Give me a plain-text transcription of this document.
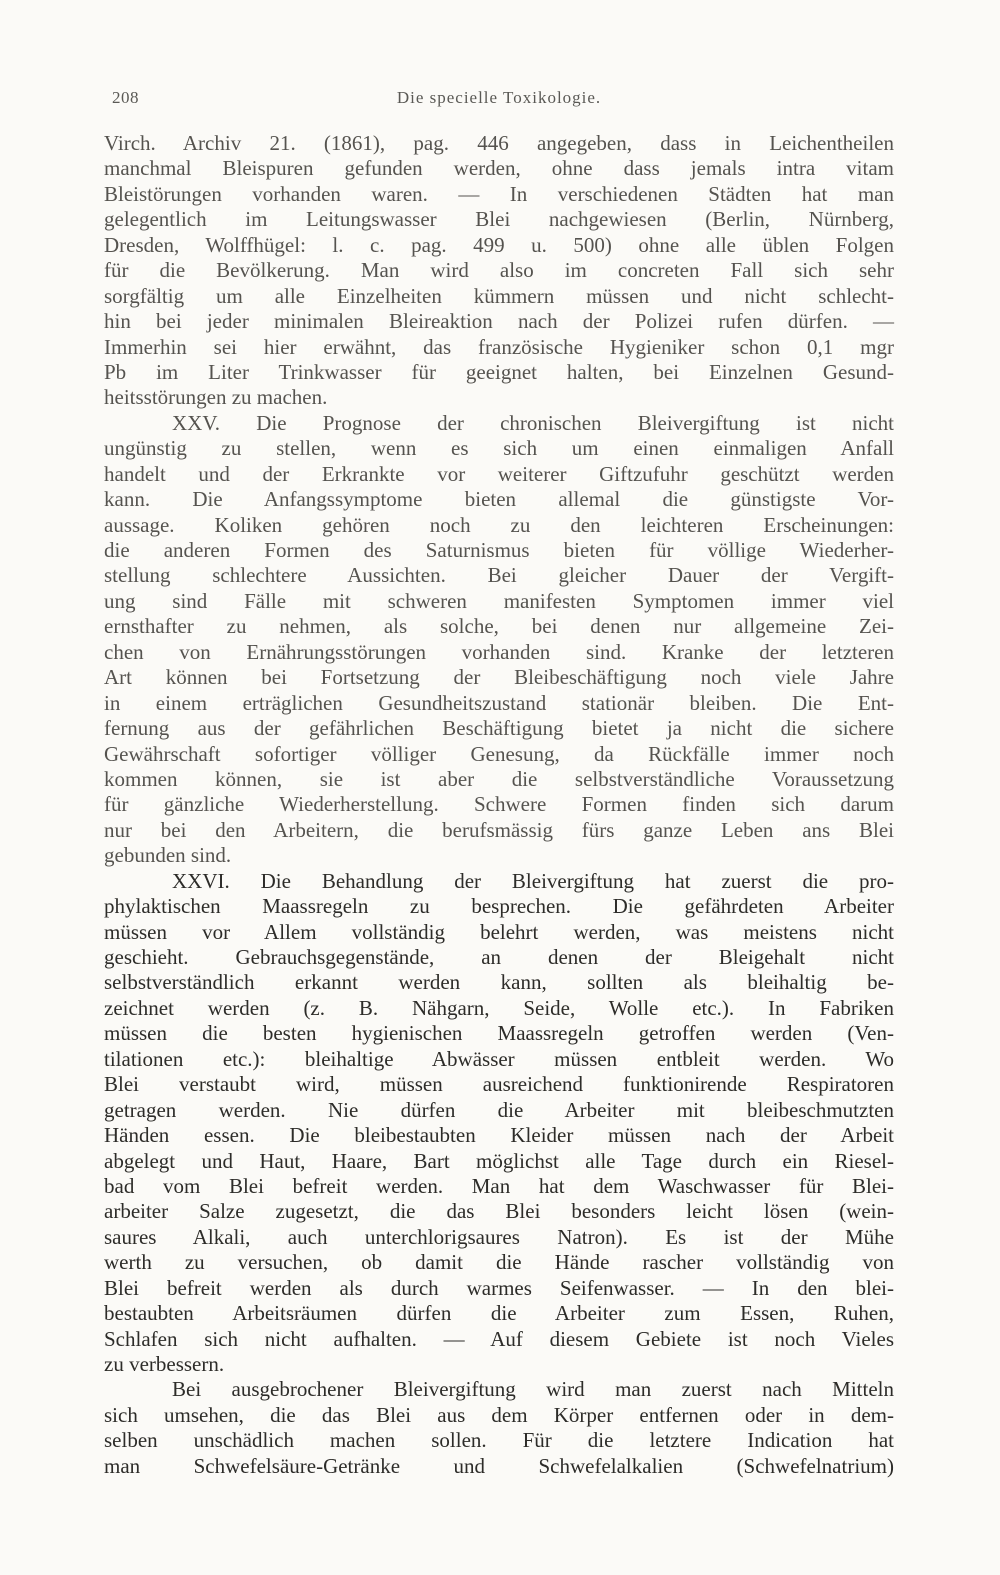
208	Die specielle Toxikologie.
Virch. Archiv 21. (1861), pag. 446 angegeben, dass in Leichentheilen
manchmal Bleispuren gefunden werden, ohne dass jemals intra vitam
Bleistörungen vorhanden waren. — In verschiedenen Städten hat man
gelegentlich im Leitungswasser Blei nachgewiesen (Berlin, Nürnberg,
Dresden, Wolffhügel: l. c. pag. 499 u. 500) ohne alle üblen Folgen
für die Bevölkerung. Man wird also im concreten Fall sich sehr
sorgfältig um alle Einzelheiten kümmern müssen und nicht schlecht-
hin bei jeder minimalen Bleireaktion nach der Polizei rufen dürfen. —
Immerhin sei hier erwähnt, das französische Hygieniker schon 0,1 mgr
Pb im Liter Trinkwasser für geeignet halten, bei Einzelnen Gesund-
heitsstörungen zu machen.
XXV. Die Prognose der chronischen Bleivergiftung ist nicht
ungünstig zu stellen, wenn es sich um einen einmaligen Anfall
handelt und der Erkrankte vor weiterer Giftzufuhr geschützt werden
kann. Die Anfangssymptome bieten allemal die günstigste Vor-
aussage. Koliken gehören noch zu den leichteren Erscheinungen:
die anderen Formen des Saturnismus bieten für völlige Wiederher-
stellung schlechtere Aussichten. Bei gleicher Dauer der Vergift-
ung sind Fälle mit schweren manifesten Symptomen immer viel
ernsthafter zu nehmen, als solche, bei denen nur allgemeine Zei-
chen von Ernährungsstörungen vorhanden sind. Kranke der letzteren
Art können bei Fortsetzung der Bleibeschäftigung noch viele Jahre
in einem erträglichen Gesundheitszustand stationär bleiben. Die Ent-
fernung aus der gefährlichen Beschäftigung bietet ja nicht die sichere
Gewährschaft sofortiger völliger Genesung, da Rückfälle immer noch
kommen können, sie ist aber die selbstverständliche Voraussetzung
für gänzliche Wiederherstellung. Schwere Formen finden sich darum
nur bei den Arbeitern, die berufsmässig fürs ganze Leben ans Blei
gebunden sind.
XXVI. Die Behandlung der Bleivergiftung hat zuerst die pro-
phylaktischen Maassregeln zu besprechen. Die gefährdeten Arbeiter
müssen vor Allem vollständig belehrt werden, was meistens nicht
geschieht. Gebrauchsgegenstände, an denen der Bleigehalt nicht
selbstverständlich erkannt werden kann, sollten als bleihaltig be-
zeichnet werden (z. B. Nähgarn, Seide, Wolle etc.). In Fabriken
müssen die besten hygienischen Maassregeln getroffen werden (Ven-
tilationen etc.): bleihaltige Abwässer müssen entbleit werden. Wo
Blei verstaubt wird, müssen ausreichend funktionirende Respiratoren
getragen werden. Nie dürfen die Arbeiter mit bleibeschmutzten
Händen essen. Die bleibestaubten Kleider müssen nach der Arbeit
abgelegt und Haut, Haare, Bart möglichst alle Tage durch ein Riesel-
bad vom Blei befreit werden. Man hat dem Waschwasser für Blei-
arbeiter Salze zugesetzt, die das Blei besonders leicht lösen (wein-
saures Alkali, auch unterchlorigsaures Natron). Es ist der Mühe
werth zu versuchen, ob damit die Hände rascher vollständig von
Blei befreit werden als durch warmes Seifenwasser. — In den blei-
bestaubten Arbeitsräumen dürfen die Arbeiter zum Essen, Ruhen,
Schlafen sich nicht aufhalten. — Auf diesem Gebiete ist noch Vieles
zu verbessern.
Bei ausgebrochener Bleivergiftung wird man zuerst nach Mitteln
sich umsehen, die das Blei aus dem Körper entfernen oder in dem-
selben unschädlich machen sollen. Für die letztere Indication hat
man Schwefelsäure-Getränke und Schwefelalkalien (Schwefelnatrium)
